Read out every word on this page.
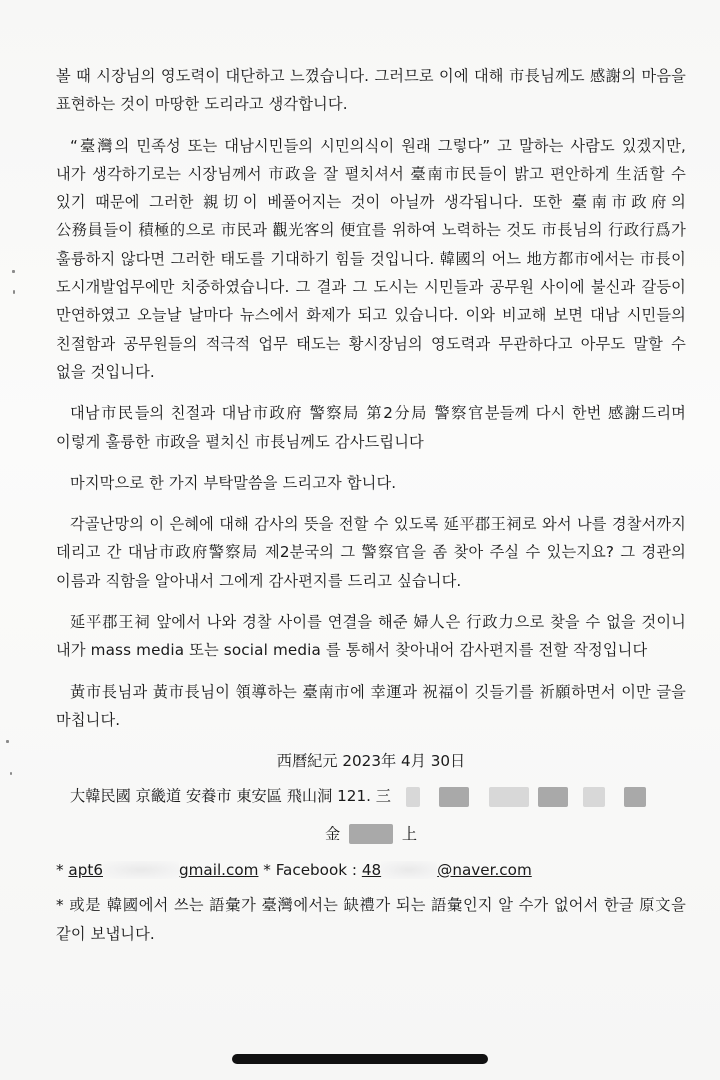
볼 때 시장님의 영도력이 대단하고 느꼈습니다. 그러므로 이에 대해 市長님께도 感謝의 마음을 표현하는 것이 마땅한 도리라고 생각합니다.

“臺灣의 민족성 또는 대남시민들의 시민의식이 원래 그렇다” 고 말하는 사람도 있겠지만, 내가 생각하기로는 시장님께서 市政을 잘 펼치셔서 臺南市民들이 밝고 편안하게 生活할 수 있기 때문에 그러한 親切이 베풀어지는 것이 아닐까 생각됩니다. 또한 臺南市政府의 公務員들이 積極的으로 市民과 觀光客의 便宜를 위하여 노력하는 것도 市長님의 行政行爲가 훌륭하지 않다면 그러한 태도를 기대하기 힘들 것입니다. 韓國의 어느 地方都市에서는 市長이 도시개발업무에만 치중하였습니다. 그 결과 그 도시는 시민들과 공무원 사이에 불신과 갈등이 만연하였고 오늘날 날마다 뉴스에서 화제가 되고 있습니다. 이와 비교해 보면 대남 시민들의 친절함과 공무원들의 적극적 업무 태도는 황시장님의 영도력과 무관하다고 아무도 말할 수 없을 것입니다.

대남市民들의 친절과 대남市政府 警察局 第2分局 警察官분들께 다시 한번 感謝드리며 이렇게 훌륭한 市政을 펼치신 市長님께도 감사드립니다

마지막으로 한 가지 부탁말씀을 드리고자 합니다.

각골난망의 이 은혜에 대해 감사의 뜻을 전할 수 있도록 延平郡王祠로 와서 나를 경찰서까지 데리고 간 대남市政府警察局 제2분국의 그 警察官을 좀 찾아 주실 수 있는지요? 그 경관의 이름과 직함을 알아내서 그에게 감사편지를 드리고 싶습니다.

延平郡王祠 앞에서 나와 경찰 사이를 연결을 해준 婦人은 行政力으로 찾을 수 없을 것이니 내가 mass media 또는 social media 를 통해서 찾아내어 감사편지를 전할 작정입니다

黃市長님과 黃市長님이 領導하는 臺南市에 幸運과 祝福이 깃들기를 祈願하면서 이만 글을 마칩니다.

西曆紀元 2023年 4月 30日
大韓民國 京畿道 安養市 東安區 飛山洞 121. 三
金	上
* apt6	gmail.com * Facebook : 48	@naver.com

* 或是 韓國에서 쓰는 語彙가 臺灣에서는 缺禮가 되는 語彙인지 알 수가 없어서 한글 原文을 같이 보냅니다.
